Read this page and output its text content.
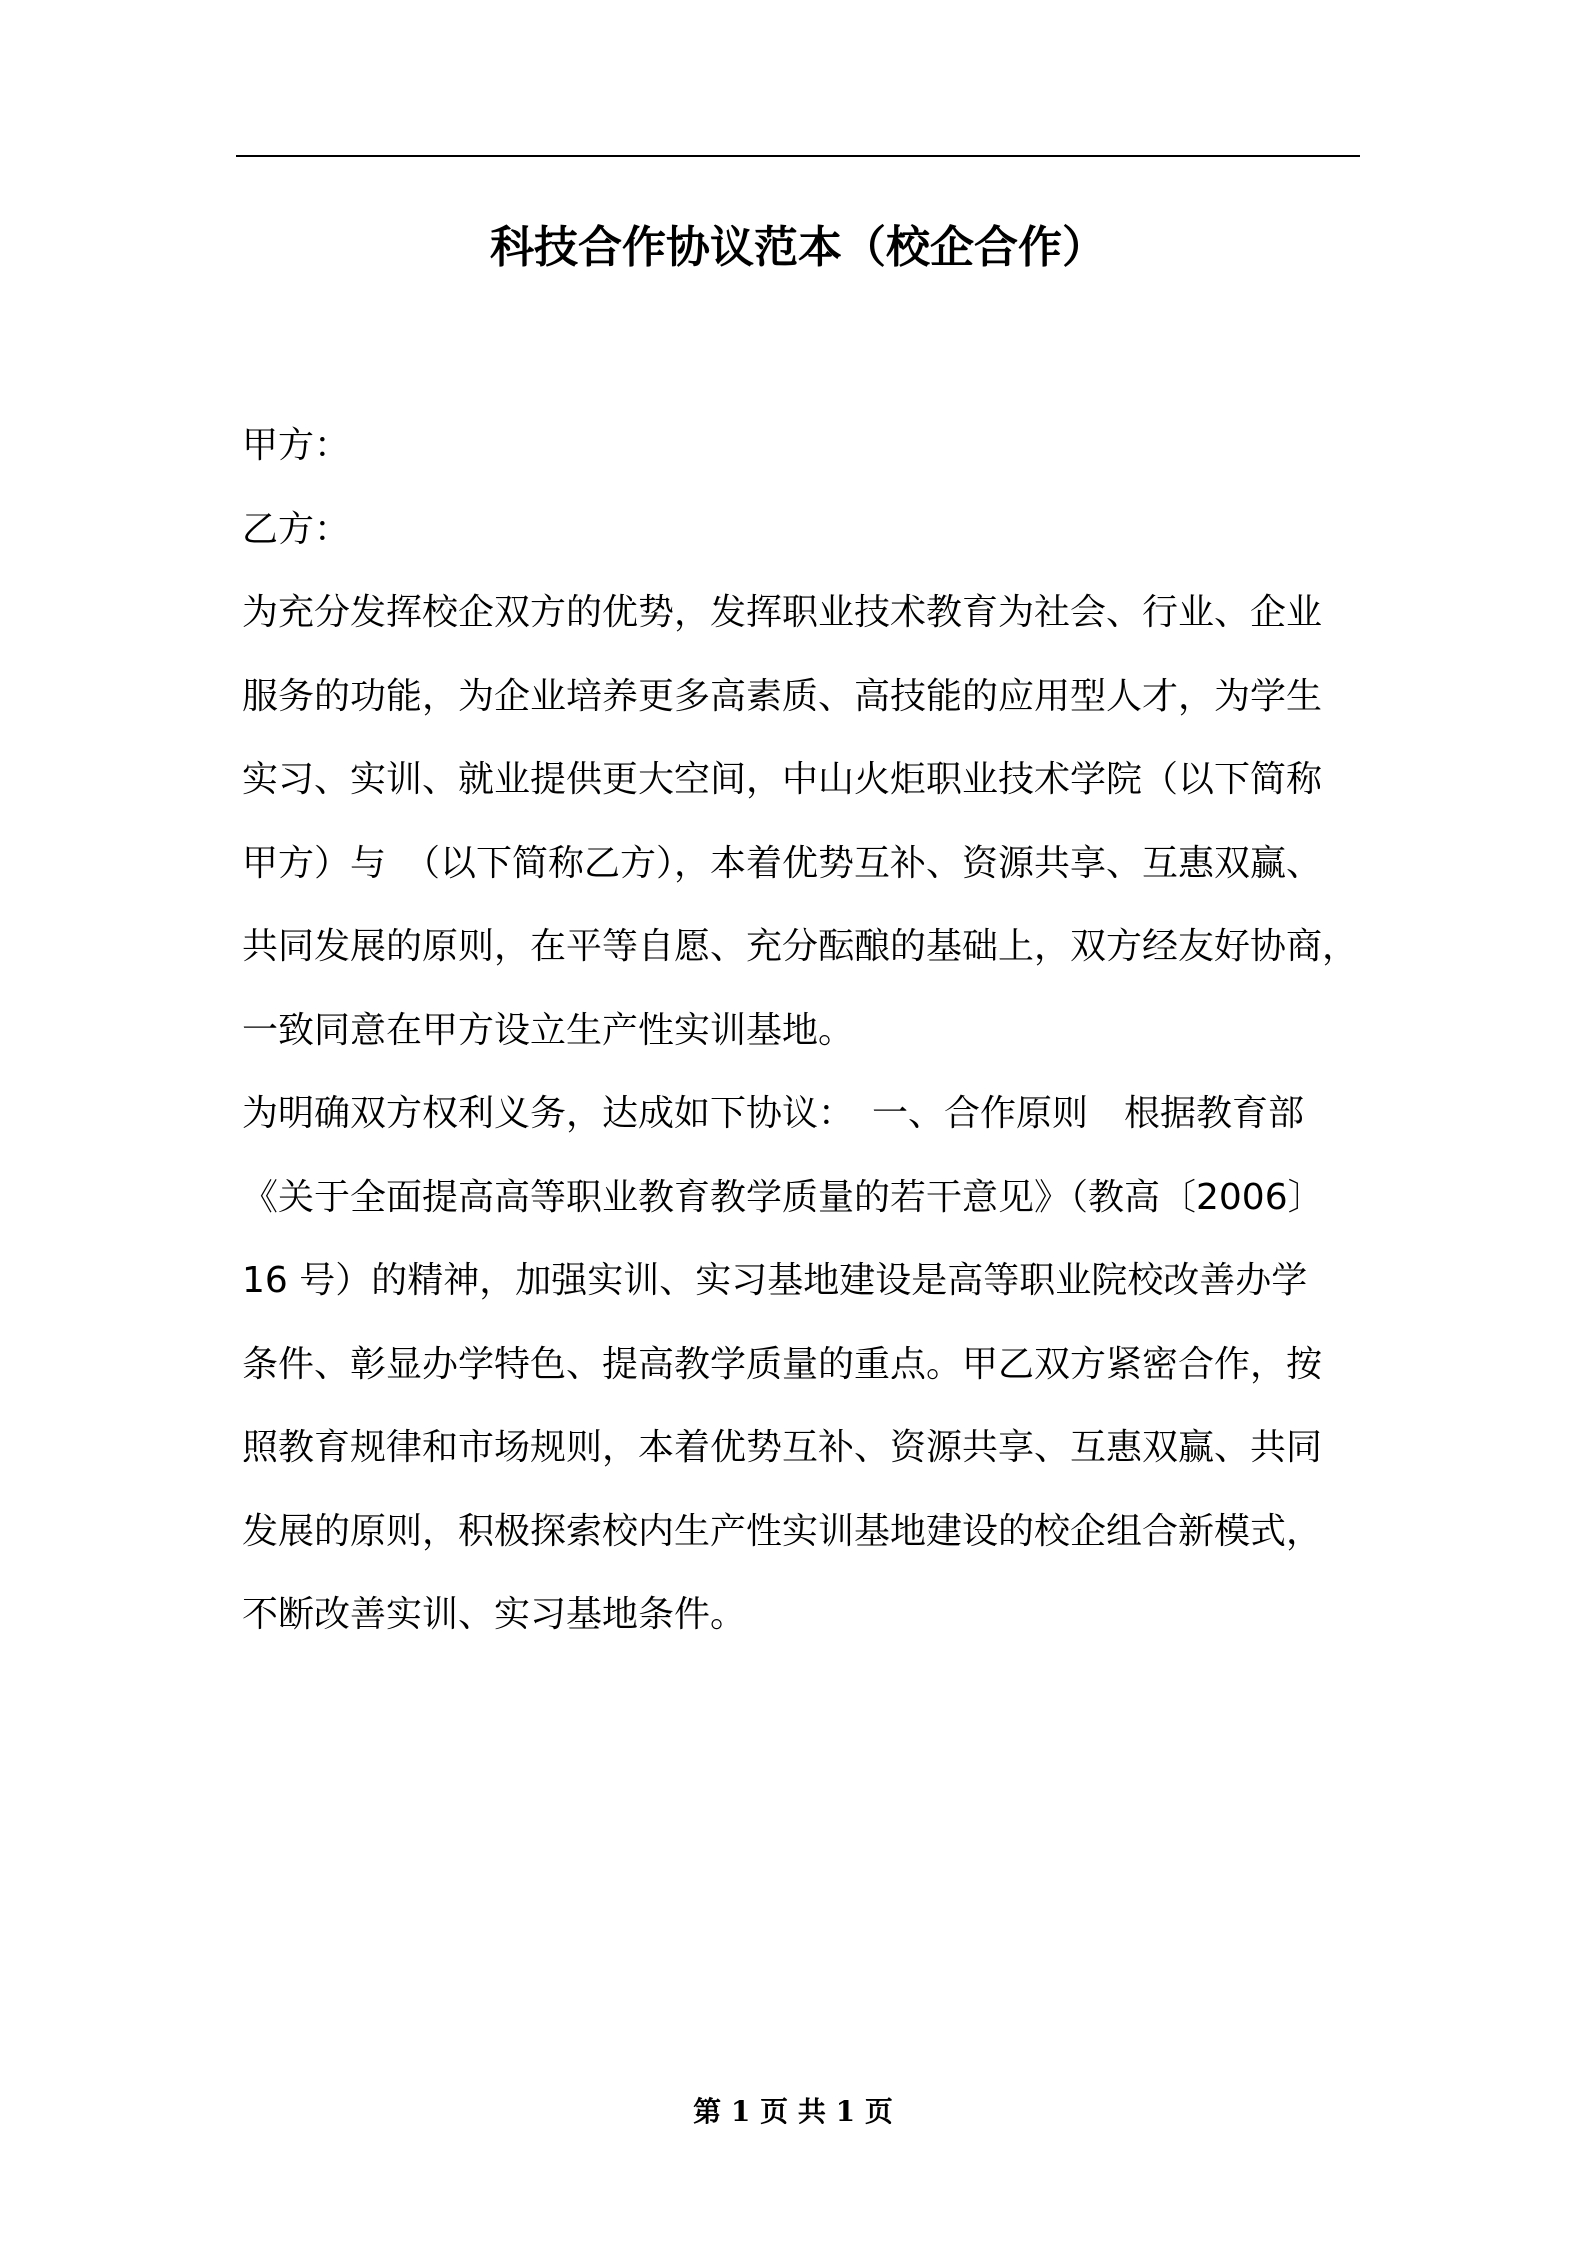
科技合作协议范本（校企合作）
甲方：
乙方：
为充分发挥校企双方的优势，发挥职业技术教育为社会、行业、企业
服务的功能，为企业培养更多高素质、高技能的应用型人才，为学生
实习、实训、就业提供更大空间，中山火炬职业技术学院（以下简称
甲方）与　（以下简称乙方），本着优势互补、资源共享、互惠双赢、
共同发展的原则，在平等自愿、充分酝酿的基础上，双方经友好协商，
一致同意在甲方设立生产性实训基地。
为明确双方权利义务，达成如下协议：　一、合作原则　根据教育部
《关于全面提高高等职业教育教学质量的若干意见》（教高〔2006〕
16 号）的精神，加强实训、实习基地建设是高等职业院校改善办学
条件、彰显办学特色、提高教学质量的重点。甲乙双方紧密合作，按
照教育规律和市场规则，本着优势互补、资源共享、互惠双赢、共同
发展的原则，积极探索校内生产性实训基地建设的校企组合新模式，
不断改善实训、实习基地条件。
第 1 页 共 1 页
